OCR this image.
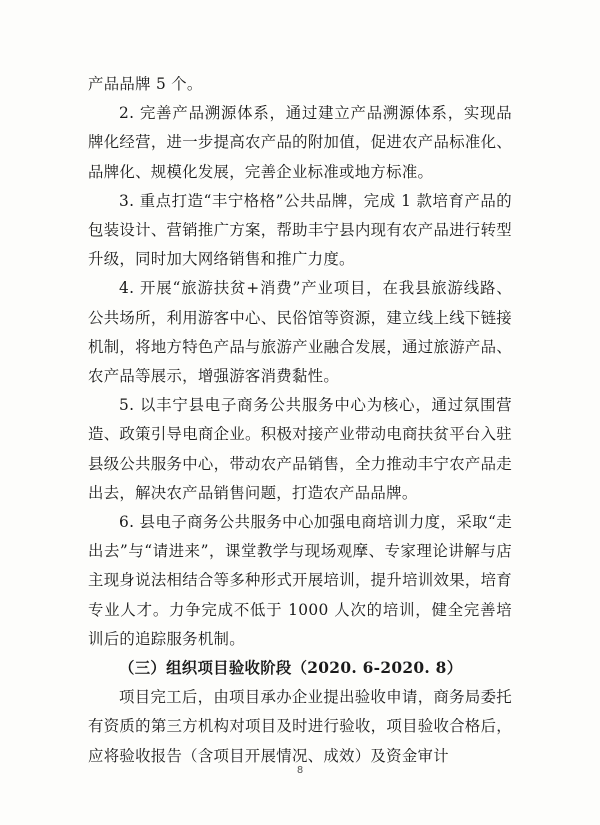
产品品牌 5 个。

2. 完善产品溯源体系，通过建立产品溯源体系，实现品牌化经营，进一步提高农产品的附加值，促进农产品标准化、品牌化、规模化发展，完善企业标准或地方标准。

3. 重点打造“丰宁格格”公共品牌，完成 1 款培育产品的包装设计、营销推广方案，帮助丰宁县内现有农产品进行转型升级，同时加大网络销售和推广力度。

4. 开展“旅游扶贫+消费”产业项目，在我县旅游线路、公共场所，利用游客中心、民俗馆等资源，建立线上线下链接机制，将地方特色产品与旅游产业融合发展，通过旅游产品、农产品等展示，增强游客消费黏性。

5. 以丰宁县电子商务公共服务中心为核心，通过氛围营造、政策引导电商企业。积极对接产业带动电商扶贫平台入驻县级公共服务中心，带动农产品销售，全力推动丰宁农产品走出去，解决农产品销售问题，打造农产品品牌。

6. 县电子商务公共服务中心加强电商培训力度，采取“走出去”与“请进来”，课堂教学与现场观摩、专家理论讲解与店主现身说法相结合等多种形式开展培训，提升培训效果，培育专业人才。力争完成不低于 1000 人次的培训，健全完善培训后的追踪服务机制。

（三）组织项目验收阶段（2020. 6-2020. 8）

项目完工后，由项目承办企业提出验收申请，商务局委托有资质的第三方机构对项目及时进行验收，项目验收合格后，应将验收报告（含项目开展情况、成效）及资金审计

8
